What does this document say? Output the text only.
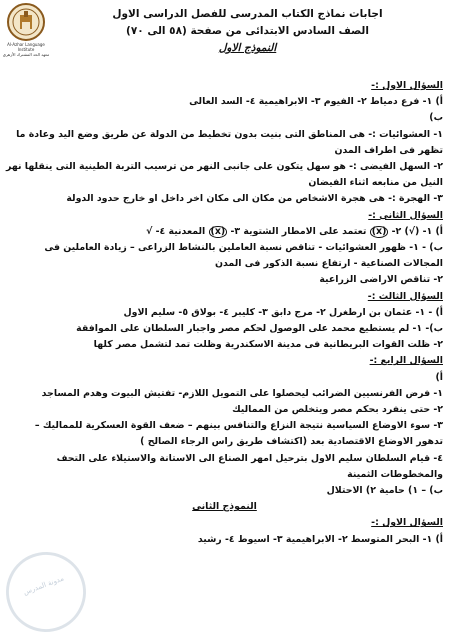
Al-Azhar Language Institute
معهد الحد المشترك الأزهري
اجابات نماذج الكتاب المدرسى للفصل الدراسى الاول
الصف السادس الابتدائى من صفحة (٥٨ الى ٧٠)
النموذج الاول

السؤال الاول :-

أ) ١- فرع دمياط ٢- الفيوم ٣- الابراهيمية ٤- السد العالى

ب)

١- العشوائيات :- هى المناطق التى بنيت بدون تخطيط من الدولة عن طريق وضع اليد وعادة ما تظهر فى اطراف المدن

٢- السهل الفيضى :- هو سهل يتكون على جانبى النهر من ترسيب التربة الطينية التى ينقلها نهر النيل من منابعه اثناء الفيضان

٣- الهجرة :- هى هجرة الاشخاص من مكان الى مكان اخر داخل او خارج حدود الدولة

السؤال الثانى :-

أ) ١- (√) ٢- (x) تعتمد على الامطار الشتوية ٣- (x) المعدنية ٤- √

ب) - ١- ظهور العشوائيات - تناقص نسبة العاملين بالنشاط الزراعى – زيادة العاملين فى المجالات الصناعية - ارتفاع نسبة الذكور فى المدن

٢- تناقص الاراضى الزراعية

السؤال الثالث :-

أ) - ١- عثمان بن ارطغرل ٢- مرج دابق ٣- كليبر ٤- بولاق ٥- سليم الاول

ب)- ١- لم يستطيع محمد على الوصول لحكم مصر واجبار السلطان على الموافقة

٢- ظلت القوات البريطانية فى مدينة الاسكندرية وظلت تمد لتشمل مصر كلها

السؤال الرابع :-

أ)

١- فرض الفرنسيين الضرائب ليحصلوا على التمويل اللازم- تفتيش البيوت وهدم المساجد

٢- حتى ينفرد بحكم مصر ويتخلص من المماليك

٣- سوء الاوضاع السياسية نتيجة النزاع والتنافس بينهم – ضعف القوة العسكرية للمماليك – تدهور الاوضاع الاقتصادية بعد (اكتشاف طريق راس الرجاء الصالح )

٤- قيام السلطان سليم الاول بترحيل امهر الصناع الى الاستانة والاستيلاء على التحف والمخطوطات الثمينة

ب) – ١) حامية ٢) الاحتلال

النموذج الثانى

السؤال الاول :-

أ) ١- البحر المتوسط ٢- الابراهيمية ٣- اسيوط ٤- رشيد

مدونة المدرس
